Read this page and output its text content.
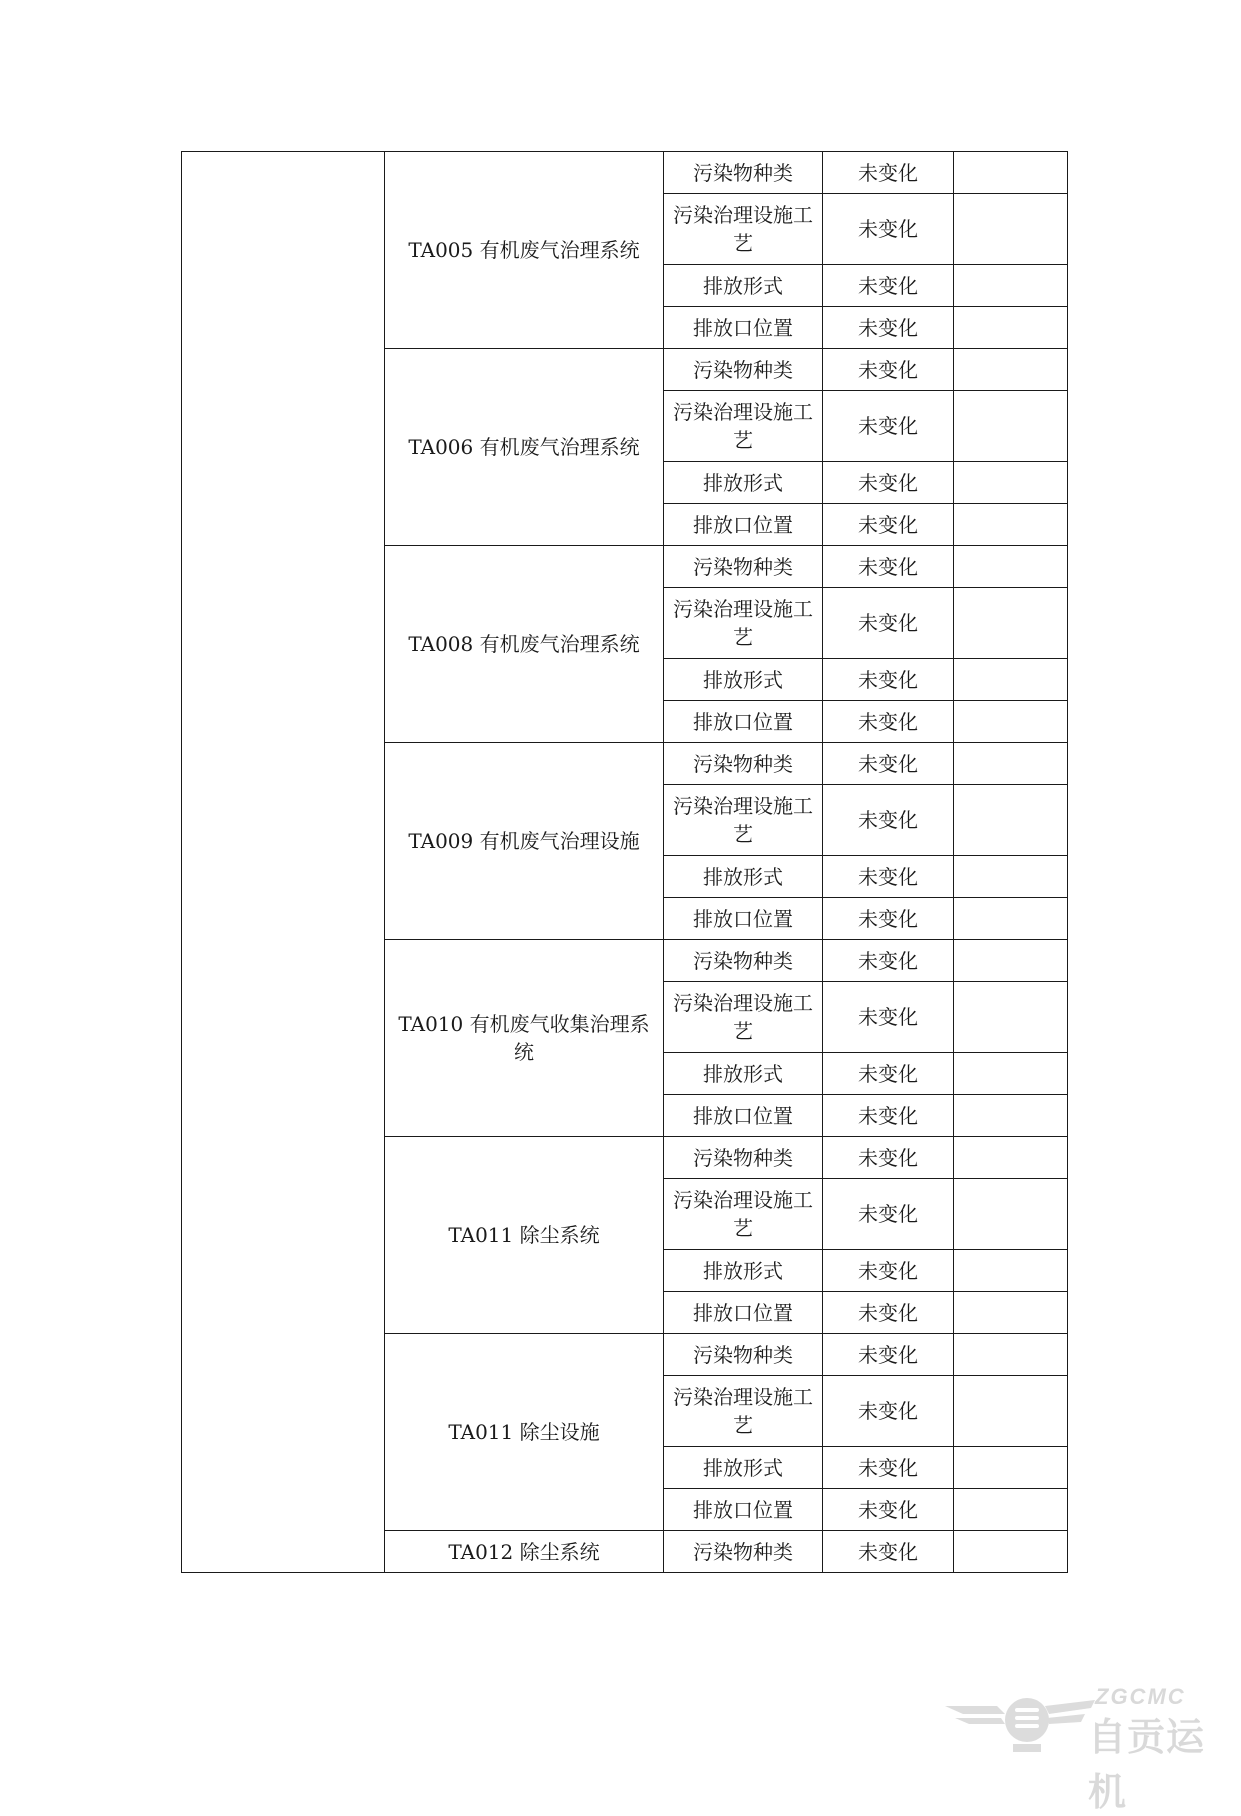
	TA005 有机废气治理系统	污染物种类	未变化	
		污染治理设施工艺	未变化	
		排放形式	未变化	
		排放口位置	未变化	
	TA006 有机废气治理系统	污染物种类	未变化	
		污染治理设施工艺	未变化	
		排放形式	未变化	
		排放口位置	未变化	
	TA008 有机废气治理系统	污染物种类	未变化	
		污染治理设施工艺	未变化	
		排放形式	未变化	
		排放口位置	未变化	
	TA009 有机废气治理设施	污染物种类	未变化	
		污染治理设施工艺	未变化	
		排放形式	未变化	
		排放口位置	未变化	
	TA010 有机废气收集治理系统	污染物种类	未变化	
		污染治理设施工艺	未变化	
		排放形式	未变化	
		排放口位置	未变化	
	TA011 除尘系统	污染物种类	未变化	
		污染治理设施工艺	未变化	
		排放形式	未变化	
		排放口位置	未变化	
	TA011 除尘设施	污染物种类	未变化	
		污染治理设施工艺	未变化	
		排放形式	未变化	
		排放口位置	未变化	
	TA012 除尘系统	污染物种类	未变化	
ZGCMC
自贡运机
